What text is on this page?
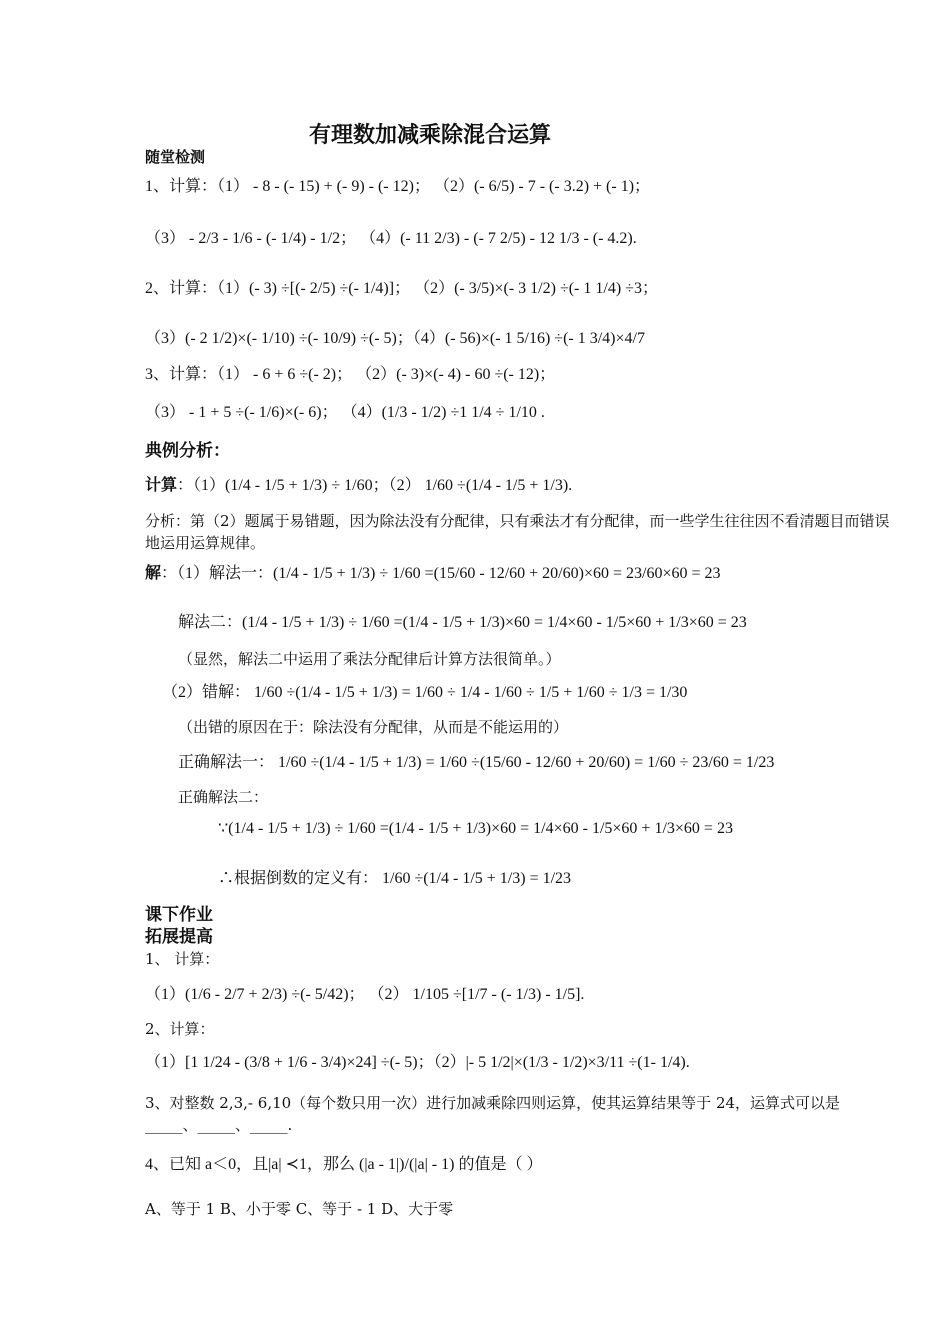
有理数加减乘除混合运算
随堂检测
1、计算：（1） - 8 - (- 15) + (- 9) - (- 12)； （2）(- 6/5) - 7 - (- 3.2) + (- 1)；
（3） - 2/3 - 1/6 - (- 1/4) - 1/2； （4）(- 11 2/3) - (- 7 2/5) - 12 1/3 - (- 4.2).
2、计算：（1）(- 3) ÷[(- 2/5) ÷(- 1/4)]； （2）(- 3/5)×(- 3 1/2) ÷(- 1 1/4) ÷3；
（3）(- 2 1/2)×(- 1/10) ÷(- 10/9) ÷(- 5)；（4）(- 56)×(- 1 5/16) ÷(- 1 3/4)×4/7
3、计算：（1） - 6 + 6 ÷(- 2)； （2）(- 3)×(- 4) - 60 ÷(- 12)；
（3） - 1 + 5 ÷(- 1/6)×(- 6)； （4）(1/3 - 1/2) ÷1 1/4 ÷ 1/10 .
典例分析：
计算：（1）(1/4 - 1/5 + 1/3) ÷ 1/60；（2） 1/60 ÷(1/4 - 1/5 + 1/3).
分析：第（2）题属于易错题，因为除法没有分配律，只有乘法才有分配律，而一些学生往往因不看清题目而错误地运用运算规律。
解：（1）解法一：(1/4 - 1/5 + 1/3) ÷ 1/60 =(15/60 - 12/60 + 20/60)×60 = 23/60×60 = 23
解法二：(1/4 - 1/5 + 1/3) ÷ 1/60 =(1/4 - 1/5 + 1/3)×60 = 1/4×60 - 1/5×60 + 1/3×60 = 23
（显然，解法二中运用了乘法分配律后计算方法很简单。）
（2）错解： 1/60 ÷(1/4 - 1/5 + 1/3) = 1/60 ÷ 1/4 - 1/60 ÷ 1/5 + 1/60 ÷ 1/3 = 1/30
（出错的原因在于：除法没有分配律，从而是不能运用的）
正确解法一： 1/60 ÷(1/4 - 1/5 + 1/3) = 1/60 ÷(15/60 - 12/60 + 20/60) = 1/60 ÷ 23/60 = 1/23
正确解法二：
∵(1/4 - 1/5 + 1/3) ÷ 1/60 =(1/4 - 1/5 + 1/3)×60 = 1/4×60 - 1/5×60 + 1/3×60 = 23
∴根据倒数的定义有： 1/60 ÷(1/4 - 1/5 + 1/3) = 1/23
课下作业
拓展提高
1、 计算：
（1）(1/6 - 2/7 + 2/3) ÷(- 5/42)； （2） 1/105 ÷[1/7 - (- 1/3) - 1/5].
2、计算：
（1）[1 1/24 - (3/8 + 1/6 - 3/4)×24] ÷(- 5)；（2）|- 5 1/2|×(1/3 - 1/2)×3/11 ÷(1- 1/4).
3、对整数 2,3,- 6,10（每个数只用一次）进行加减乘除四则运算，使其运算结果等于 24，运算式可以是_____、_____、_____.
4、已知 a＜0，且|a| ≺1，那么 (|a - 1|)/(|a| - 1) 的值是（ ）
A、等于 1 B、小于零 C、等于 - 1 D、大于零
